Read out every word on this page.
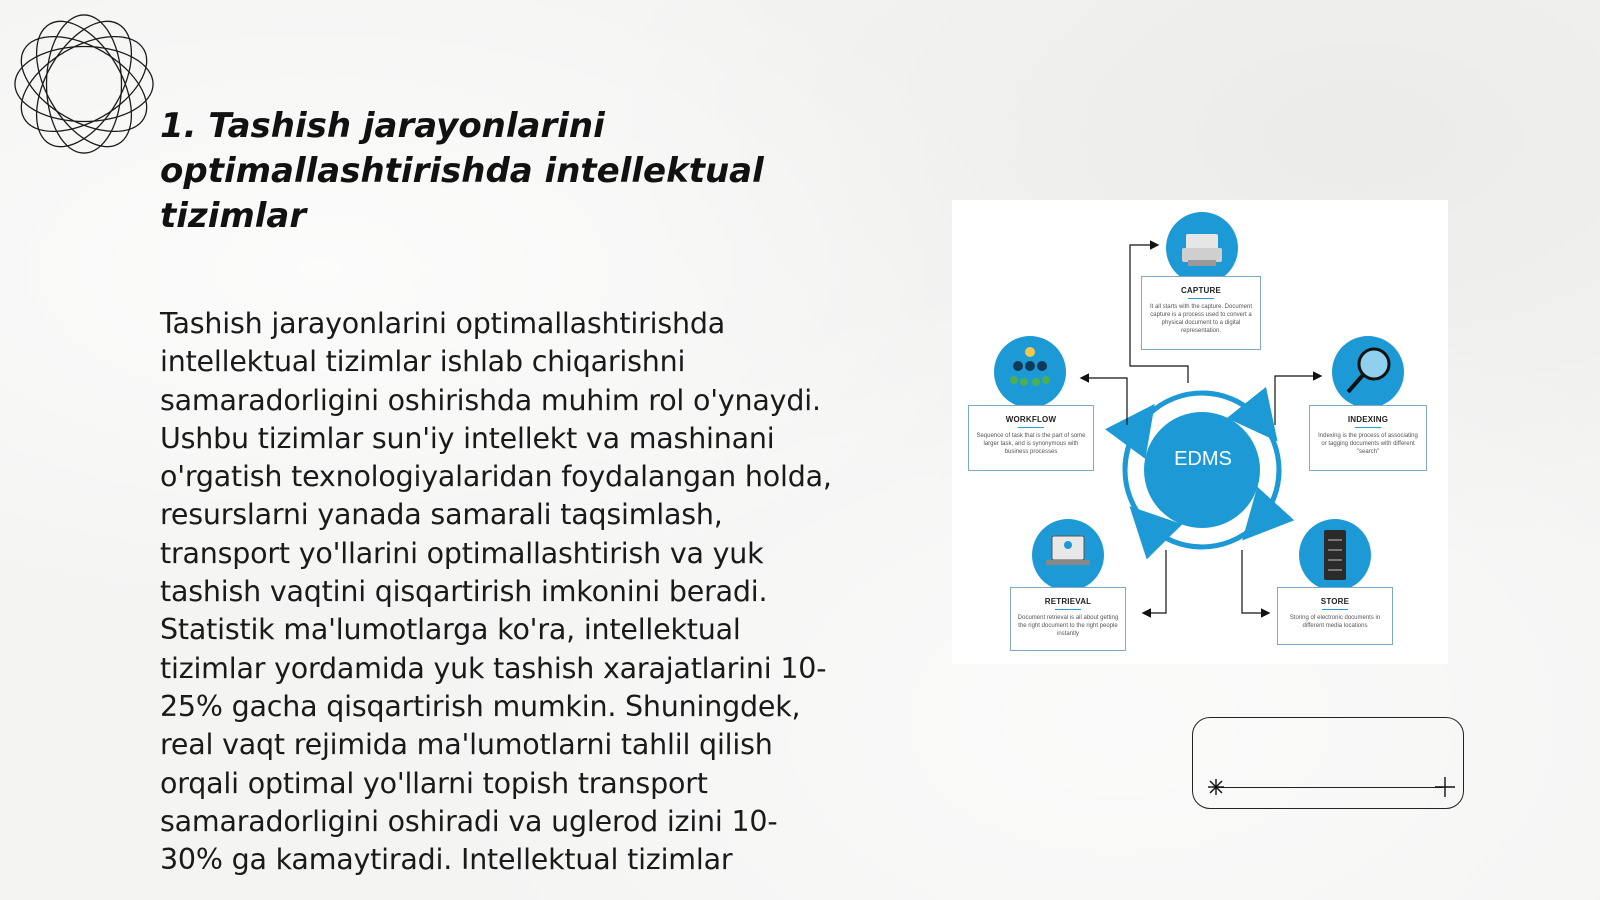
1. Tashish jarayonlarini optimallashtirishda intellektual tizimlar

Tashish jarayonlarini optimallashtirishda intellektual tizimlar ishlab chiqarishni samaradorligini oshirishda muhim rol o'ynaydi. Ushbu tizimlar sun'iy intellekt va mashinani o'rgatish texnologiyalaridan foydalangan holda, resurslarni yanada samarali taqsimlash, transport yo'llarini optimallashtirish va yuk tashish vaqtini qisqartirish imkonini beradi. Statistik ma'lumotlarga ko'ra, intellektual tizimlar yordamida yuk tashish xarajatlarini 10-25% gacha qisqartirish mumkin. Shuningdek, real vaqt rejimida ma'lumotlarni tahlil qilish orqali optimal yo'llarni topish transport samaradorligini oshiradi va uglerod izini 10-30% ga kamaytiradi. Intellektual tizimlar

EDMS
CAPTURE
It all starts with the capture. Document capture is a process used to convert a physical document to a digital representation.
WORKFLOW
Sequence of task that is the part of some larger task, and is synonymous with business processes
INDEXING
Indexing is the process of associating or tagging documents with different "search"
RETRIEVAL
Document retrieval is all about getting the right document to the right people instantly
STORE
Storing of electronic documents in different media locations
